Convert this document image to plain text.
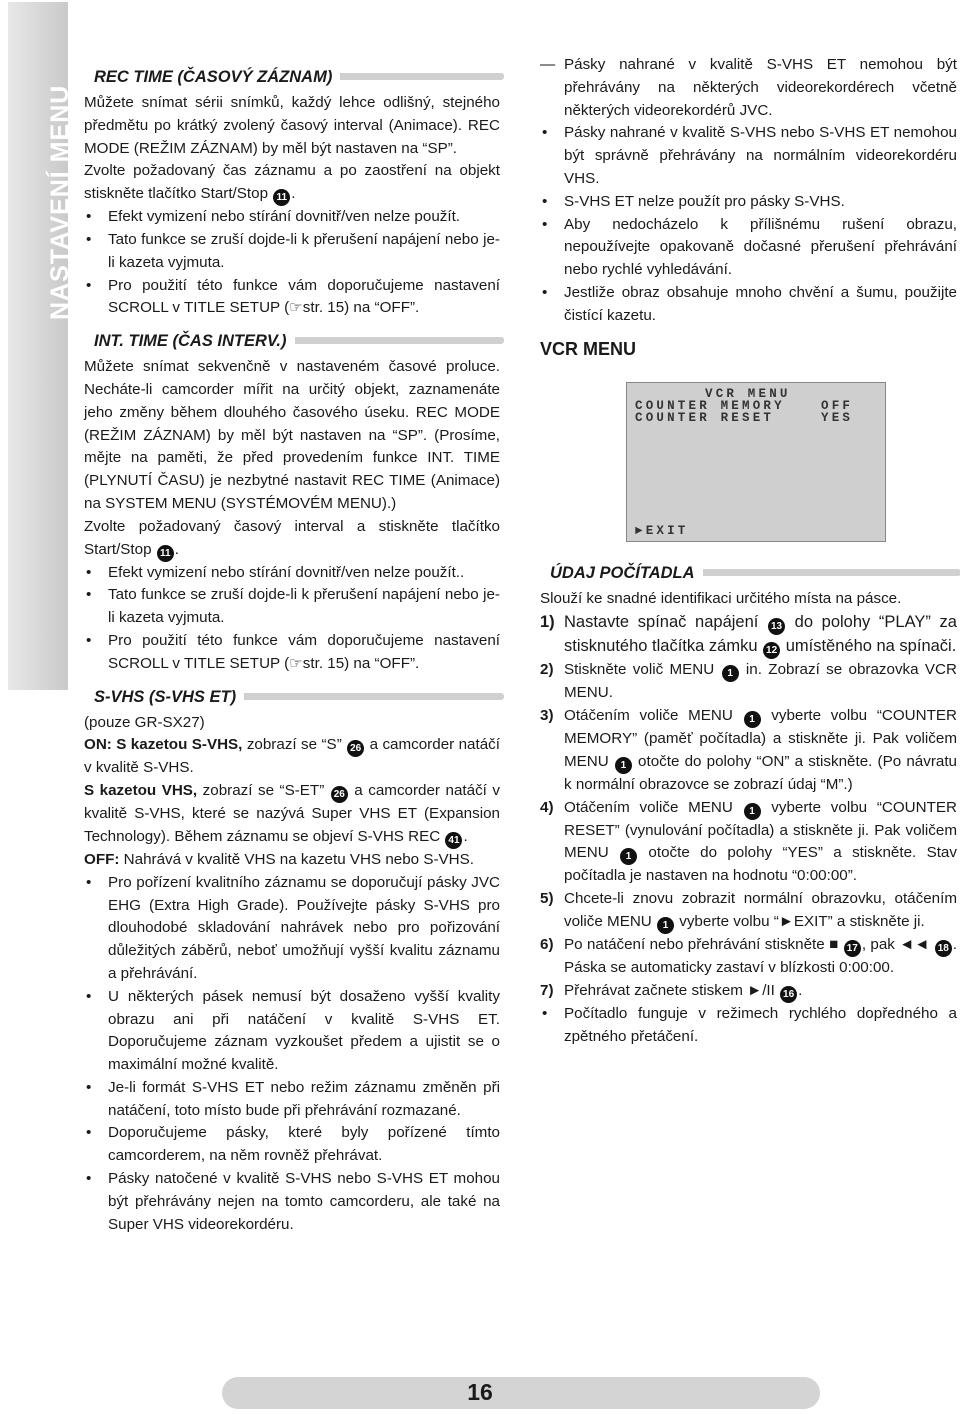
NASTAVENÍ MENU
REC TIME (ČASOVÝ ZÁZNAM)

Můžete snímat sérii snímků, každý lehce odlišný, stejného předmětu po krátký zvolený časový interval (Animace). REC MODE (REŽIM ZÁZNAM) by měl být nastaven na “SP”.

Zvolte požadovaný čas záznamu a po zaostření na objekt stiskněte tlačítko Start/Stop 11 .

• Efekt vymizení nebo stírání dovnitř/ven nelze použít.
• Tato funkce se zruší dojde-li k přerušení napájení nebo je-li kazeta vyjmuta.
• Pro použití této funkce vám doporučujeme nastavení SCROLL v TITLE SETUP (☞str. 15) na “OFF”.
INT. TIME (ČAS INTERV.)

Můžete snímat sekvenčně v nastaveném časové proluce. Necháte-li camcorder mířit na určitý objekt, zaznamenáte jeho změny během dlouhého časového úseku. REC MODE (REŽIM ZÁZNAM) by měl být nastaven na “SP”. (Prosíme, mějte na paměti, že před provedením funkce INT. TIME (PLYNUTÍ ČASU) je nezbytné nastavit REC TIME (Animace) na SYSTEM MENU (SYSTÉMOVÉM MENU).)

Zvolte požadovaný časový interval a stiskněte tlačítko Start/Stop 11 .

• Efekt vymizení nebo stírání dovnitř/ven nelze použít..
• Tato funkce se zruší dojde-li k přerušení napájení nebo je-li kazeta vyjmuta.
• Pro použití této funkce vám doporučujeme nastavení SCROLL v TITLE SETUP (☞str. 15) na “OFF”.
S-VHS (S-VHS ET)

(pouze GR-SX27)

ON: S kazetou S-VHS, zobrazí se “S” 26 a camcorder natáčí v kvalitě S-VHS.

S kazetou VHS, zobrazí se “S-ET” 26 a camcorder natáčí v kvalitě S-VHS, které se nazývá Super VHS ET (Expansion Technology). Během záznamu se objeví S-VHS REC 41 .

OFF: Nahrává v kvalitě VHS na kazetu VHS nebo S-VHS.

• Pro pořízení kvalitního záznamu se doporučují pásky JVC EHG (Extra High Grade). Používejte pásky S-VHS pro dlouhodobé skladování nahrávek nebo pro pořizování důležitých záběrů, neboť umožňují vyšší kvalitu záznamu a přehrávání.
• U některých pásek nemusí být dosaženo vyšší kvality obrazu ani při natáčení v kvalitě S-VHS ET. Doporučujeme záznam vyzkoušet předem a ujistit se o maximální možné kvalitě.
• Je-li formát S-VHS ET nebo režim záznamu změněn při natáčení, toto místo bude při přehrávání rozmazané.
• Doporučujeme pásky, které byly pořízené tímto camcorderem, na něm rovněž přehrávat.
• Pásky natočené v kvalitě S-VHS nebo S-VHS ET mohou být přehrávány nejen na tomto camcorderu, ale také na Super VHS videorekordéru.
— Pásky nahrané v kvalitě S-VHS ET nemohou být přehrávány na některých videorekordérech včetně některých videorekordérů JVC.
• Pásky nahrané v kvalitě S-VHS nebo S-VHS ET nemohou být správně přehrávány na normálním videorekordéru VHS.
• S-VHS ET nelze použít pro pásky S-VHS.
• Aby nedocházelo k přílišnému rušení obrazu, nepoužívejte opakovaně dočasné přerušení přehrávání nebo rychlé vyhledávání.
• Jestliže obraz obsahuje mnoho chvění a šumu, použijte čistící kazetu.
VCR MENU
VCR MENU
COUNTER MEMORY	OFF
COUNTER RESET	YES
►EXIT
ÚDAJ POČÍTADLA

Slouží ke snadné identifikaci určitého místa na pásce.

1) Nastavte spínač napájení 13 do polohy “PLAY” za stisknutého tlačítka zámku 12 umístěného na spínači.
2) Stiskněte volič MENU 1 in. Zobrazí se obrazovka VCR MENU.
3) Otáčením voliče MENU 1 vyberte volbu “COUNTER MEMORY” (paměť počítadla) a stiskněte ji. Pak voličem MENU 1 otočte do polohy “ON” a stiskněte. (Po návratu k normální obrazovce se zobrazí údaj “M”.)
4) Otáčením voliče MENU 1 vyberte volbu “COUNTER RESET” (vynulování počítadla) a stiskněte ji. Pak voličem MENU 1 otočte do polohy “YES” a stiskněte. Stav počítadla je nastaven na hodnotu “0:00:00”.
5) Chcete-li znovu zobrazit normální obrazovku, otáčením voliče MENU 1 vyberte volbu “►EXIT” a stiskněte ji.
6) Po natáčení nebo přehrávání stiskněte ■ 17 , pak ◄◄ 18 . Páska se automaticky zastaví v blízkosti 0:00:00.
7) Přehrávat začnete stiskem ►/II 16 .
• Počítadlo funguje v režimech rychlého dopředného a zpětného přetáčení.
16
